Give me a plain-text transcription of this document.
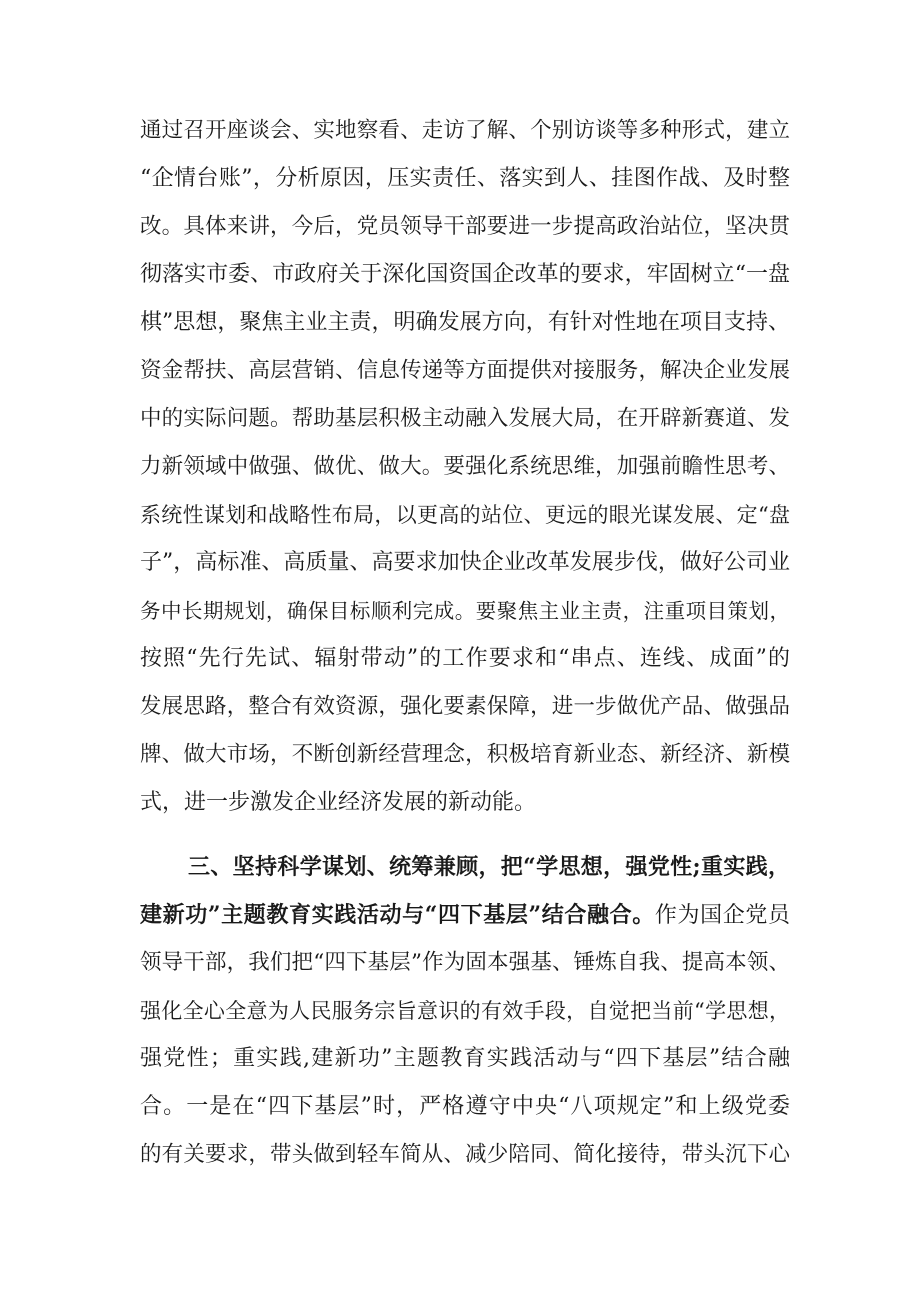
通过召开座谈会、实地察看、走访了解、个别访谈等多种形式，建立
“企情台账”，分析原因，压实责任、落实到人、挂图作战、及时整
改。具体来讲，今后，党员领导干部要进一步提高政治站位，坚决贯
彻落实市委、市政府关于深化国资国企改革的要求，牢固树立“一盘
棋”思想，聚焦主业主责，明确发展方向，有针对性地在项目支持、
资金帮扶、高层营销、信息传递等方面提供对接服务，解决企业发展
中的实际问题。帮助基层积极主动融入发展大局，在开辟新赛道、发
力新领域中做强、做优、做大。要强化系统思维，加强前瞻性思考、
系统性谋划和战略性布局，以更高的站位、更远的眼光谋发展、定“盘
子”，高标准、高质量、高要求加快企业改革发展步伐，做好公司业
务中长期规划，确保目标顺利完成。要聚焦主业主责，注重项目策划，
按照“先行先试、辐射带动”的工作要求和“串点、连线、成面”的
发展思路，整合有效资源，强化要素保障，进一步做优产品、做强品
牌、做大市场，不断创新经营理念，积极培育新业态、新经济、新模
式，进一步激发企业经济发展的新动能。
三、坚持科学谋划、统筹兼顾，把“学思想，强党性;重实践，
建新功”主题教育实践活动与“四下基层”结合融合。作为国企党员
领导干部，我们把“四下基层”作为固本强基、锤炼自我、提高本领、
强化全心全意为人民服务宗旨意识的有效手段，自觉把当前“学思想，
强党性；重实践,建新功”主题教育实践活动与“四下基层”结合融
合。一是在“四下基层”时，严格遵守中央“八项规定”和上级党委
的有关要求，带头做到轻车简从、减少陪同、简化接待，带头沉下心
